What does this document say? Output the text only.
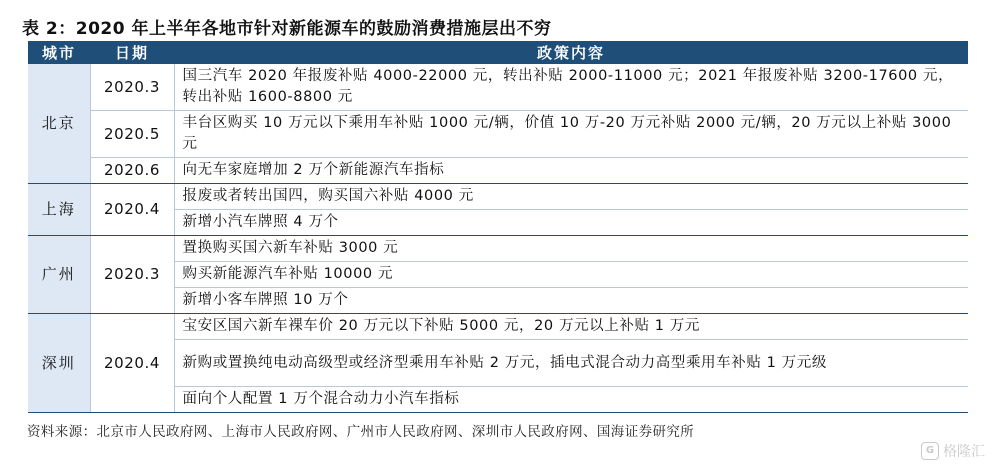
表 2：2020 年上半年各地市针对新能源车的鼓励消费措施层出不穷
城市	日期	政策内容
北京	2020.3	国三汽车 2020 年报废补贴 4000-22000 元，转出补贴 2000-11000 元；2021 年报废补贴 3200-17600 元，转出补贴 1600-8800 元
	2020.5	丰台区购买 10 万元以下乘用车补贴 1000 元/辆，价值 10 万-20 万元补贴 2000 元/辆，20 万元以上补贴 3000 元
	2020.6	向无车家庭增加 2 万个新能源汽车指标
上海	2020.4	报废或者转出国四，购买国六补贴 4000 元
		新增小汽车牌照 4 万个
广州	2020.3	置换购买国六新车补贴 3000 元
		购买新能源汽车补贴 10000 元
		新增小客车牌照 10 万个
深圳	2020.4	宝安区国六新车裸车价 20 万元以下补贴 5000 元，20 万元以上补贴 1 万元
		新购或置换纯电动高级型或经济型乘用车补贴 2 万元，插电式混合动力高型乘用车补贴 1 万元级
		面向个人配置 1 万个混合动力小汽车指标
资料来源：北京市人民政府网、上海市人民政府网、广州市人民政府网、深圳市人民政府网、国海证券研究所
G 格隆汇
